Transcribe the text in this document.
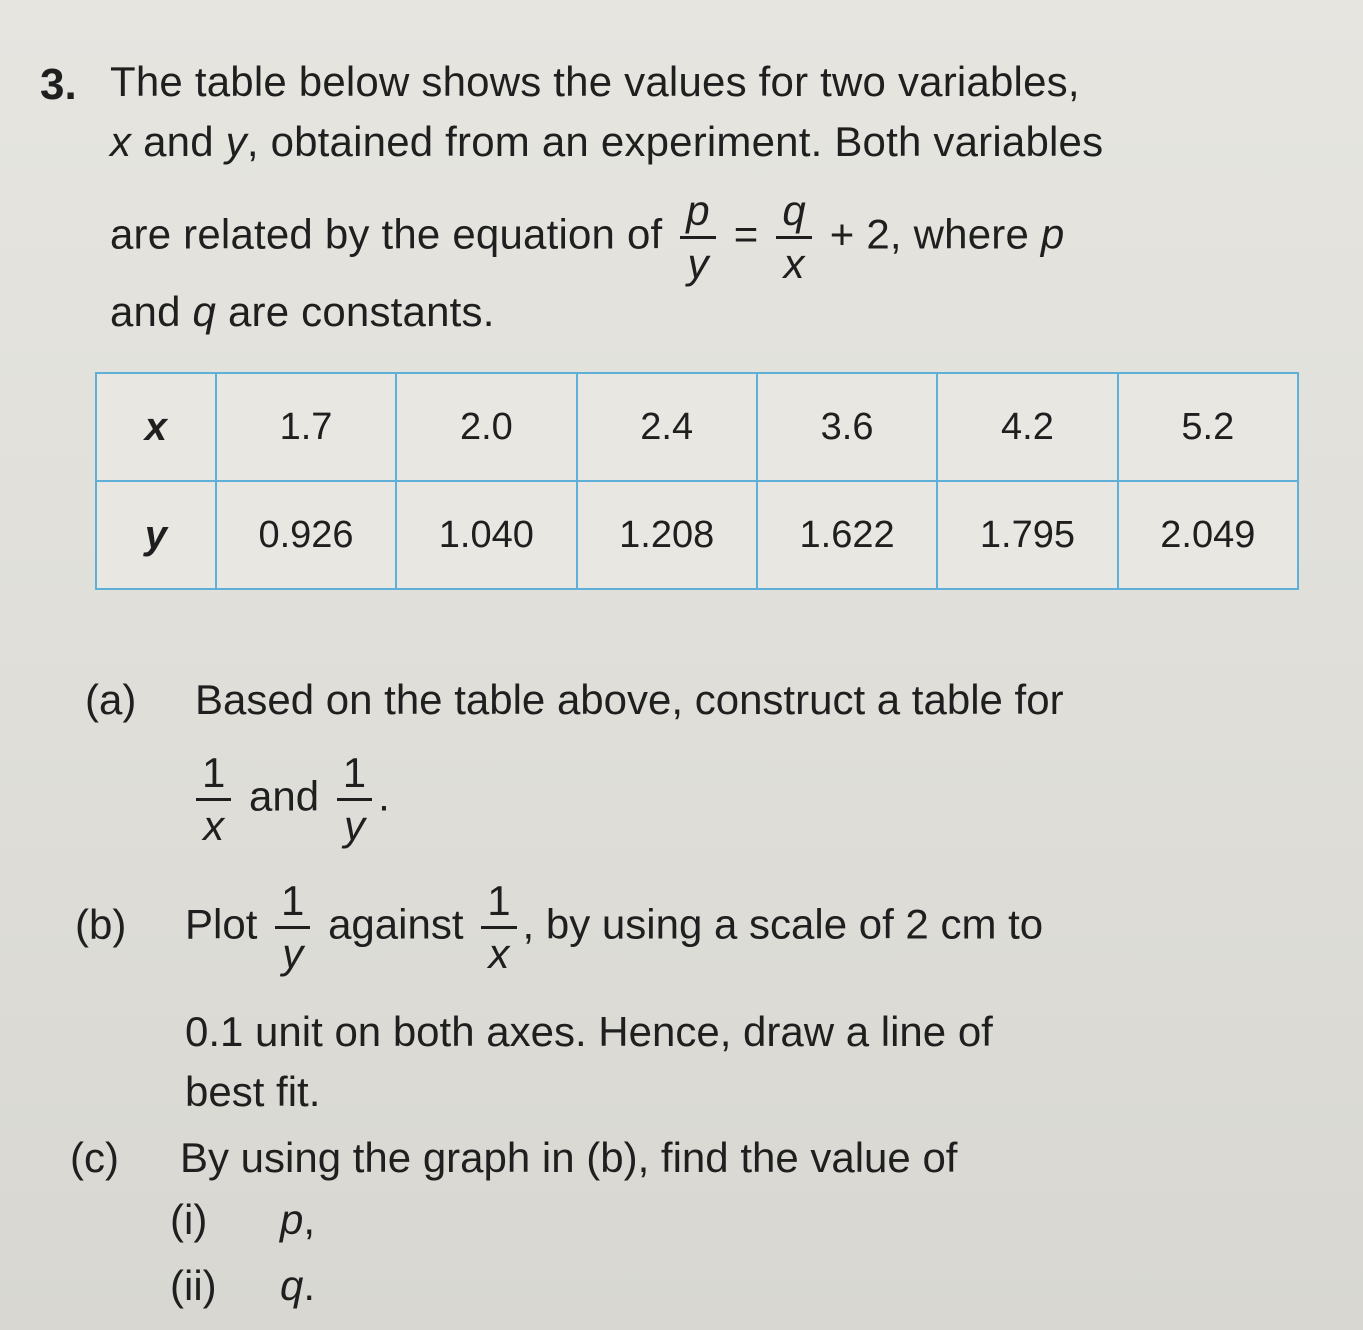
3. The table below shows the values for two variables,
x and y, obtained from an experiment. Both variables
are related by the equation of $\frac{p}{y} = \frac{q}{x} + 2$, where p
and q are constants.
x	1.7	2.0	2.4	3.6	4.2	5.2
y	0.926	1.040	1.208	1.622	1.795	2.049
(a) Based on the table above, construct a table for
$\frac{1}{x}$ and $\frac{1}{y}$ .
(b) Plot $\frac{1}{y}$ against $\frac{1}{x}$ , by using a scale of 2 cm to
0.1 unit on both axes. Hence, draw a line of
best fit.
(c) By using the graph in (b), find the value of
(i) p,
(ii) q.
